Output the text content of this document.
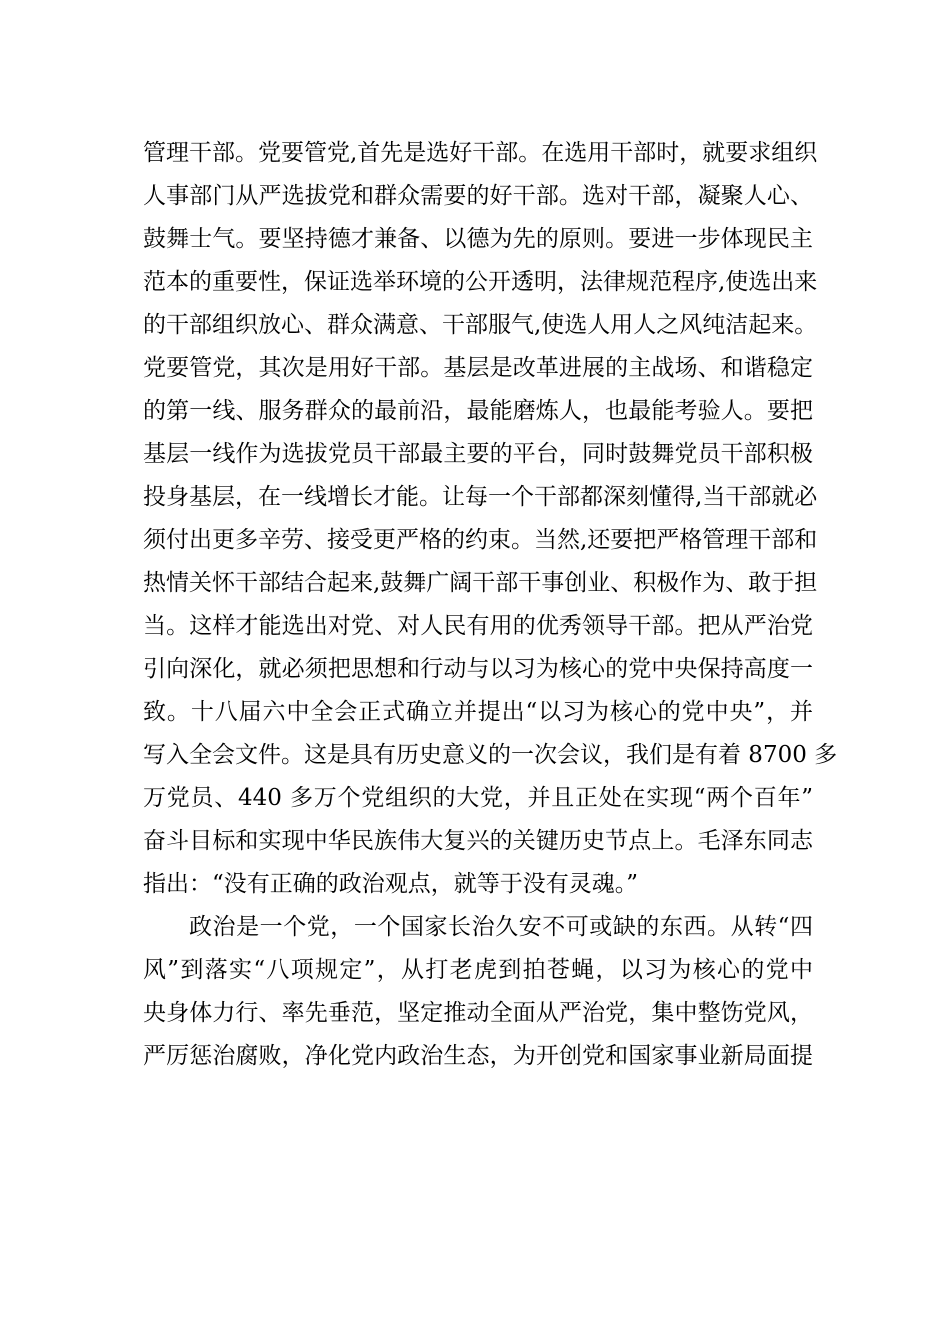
管理干部。党要管党,首先是选好干部。在选用干部时，就要求组织
人事部门从严选拔党和群众需要的好干部。选对干部，凝聚人心、
鼓舞士气。要坚持德才兼备、以德为先的原则。要进一步体现民主
范本的重要性，保证选举环境的公开透明，法律规范程序,使选出来
的干部组织放心、群众满意、干部服气,使选人用人之风纯洁起来。
党要管党，其次是用好干部。基层是改革进展的主战场、和谐稳定
的第一线、服务群众的最前沿，最能磨炼人，也最能考验人。要把
基层一线作为选拔党员干部最主要的平台，同时鼓舞党员干部积极
投身基层，在一线增长才能。让每一个干部都深刻懂得,当干部就必
须付出更多辛劳、接受更严格的约束。当然,还要把严格管理干部和
热情关怀干部结合起来,鼓舞广阔干部干事创业、积极作为、敢于担
当。这样才能选出对党、对人民有用的优秀领导干部。把从严治党
引向深化，就必须把思想和行动与以习为核心的党中央保持高度一
致。十八届六中全会正式确立并提出“以习为核心的党中央”，并
写入全会文件。这是具有历史意义的一次会议，我们是有着 8700 多
万党员、440 多万个党组织的大党，并且正处在实现“两个百年”
奋斗目标和实现中华民族伟大复兴的关键历史节点上。毛泽东同志
指出：“没有正确的政治观点，就等于没有灵魂。”
政治是一个党，一个国家长治久安不可或缺的东西。从转“四
风”到落实“八项规定”，从打老虎到拍苍蝇，以习为核心的党中
央身体力行、率先垂范，坚定推动全面从严治党，集中整饬党风，
严厉惩治腐败，净化党内政治生态，为开创党和国家事业新局面提
